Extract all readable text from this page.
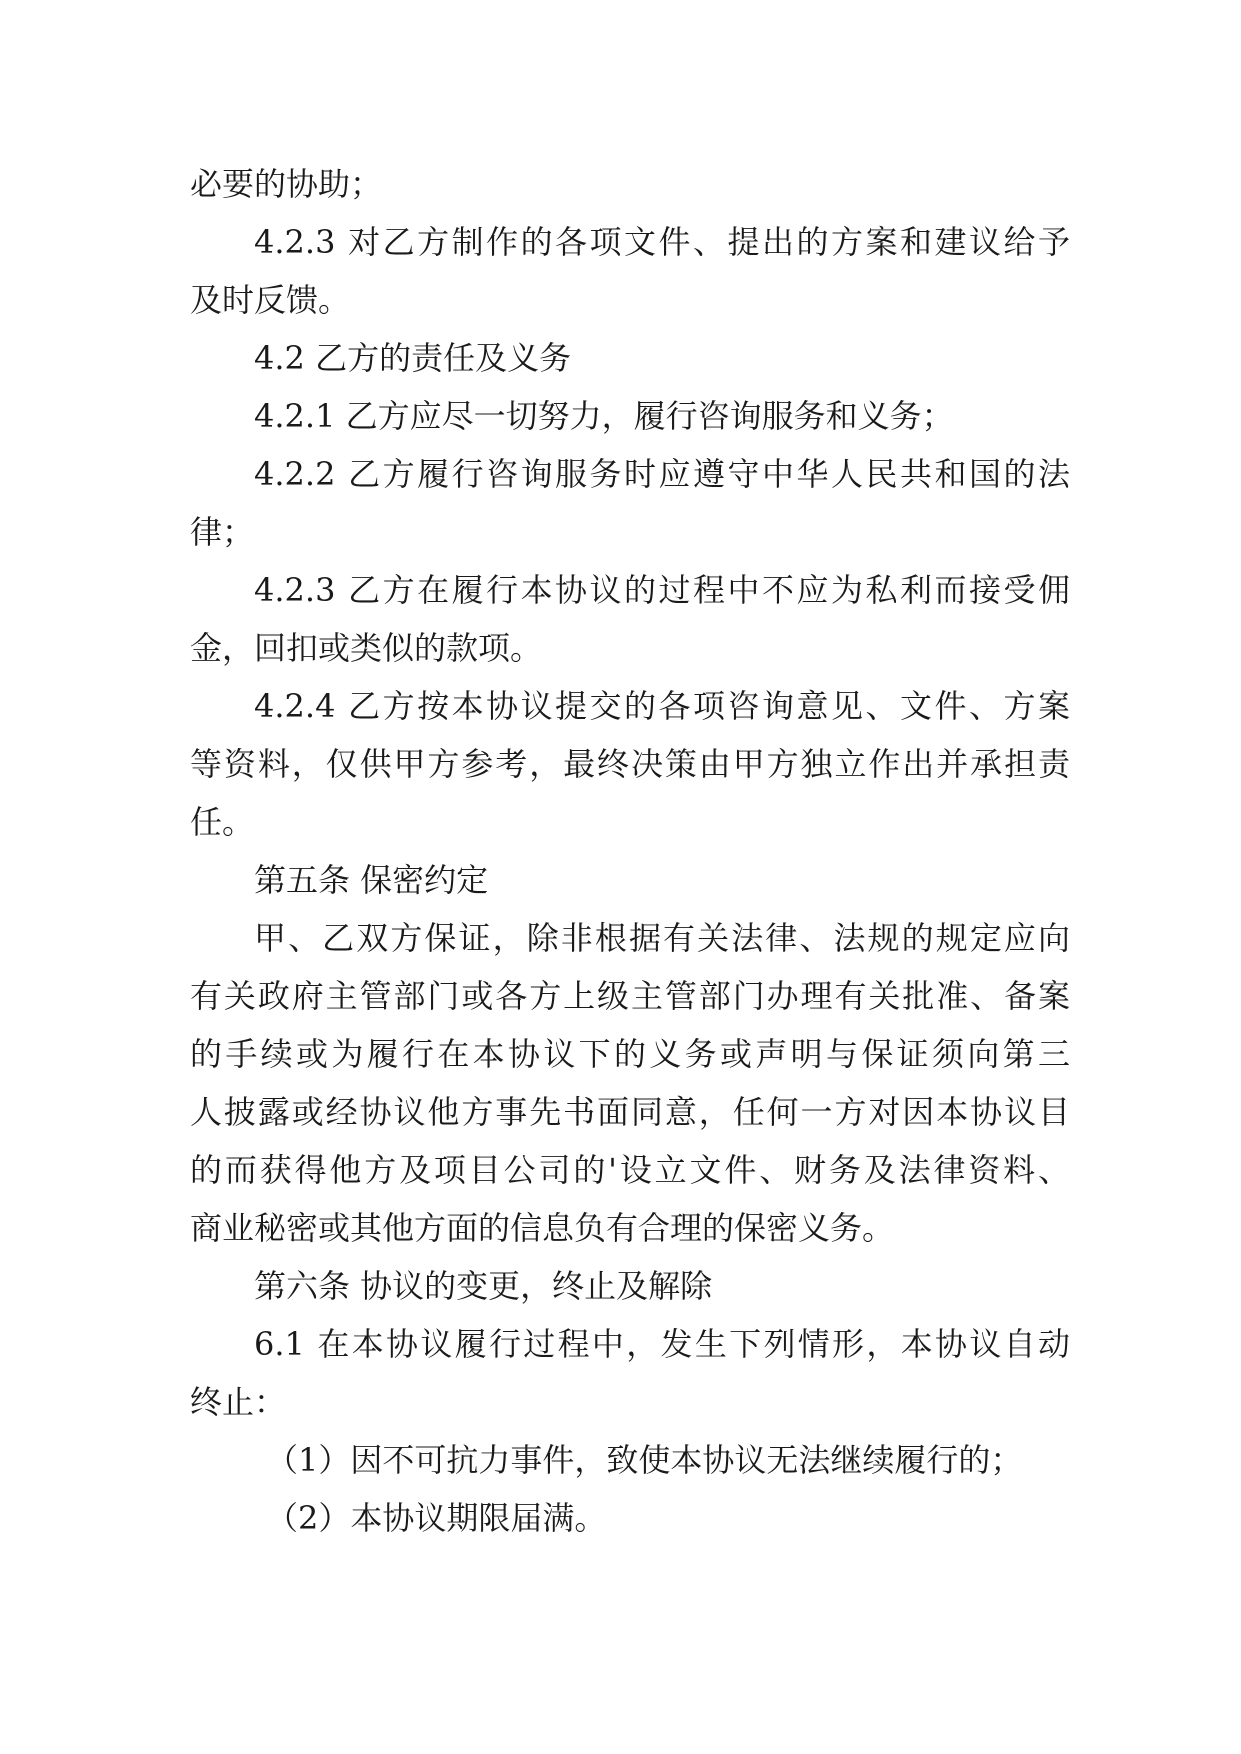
必要的协助；
4.2.3 对乙方制作的各项文件、提出的方案和建议给予
及时反馈。
4.2 乙方的责任及义务
4.2.1 乙方应尽一切努力，履行咨询服务和义务；
4.2.2 乙方履行咨询服务时应遵守中华人民共和国的法
律；
4.2.3 乙方在履行本协议的过程中不应为私利而接受佣
金，回扣或类似的款项。
4.2.4 乙方按本协议提交的各项咨询意见、文件、方案
等资料，仅供甲方参考，最终决策由甲方独立作出并承担责
任。
第五条 保密约定
甲、乙双方保证，除非根据有关法律、法规的规定应向
有关政府主管部门或各方上级主管部门办理有关批准、备案
的手续或为履行在本协议下的义务或声明与保证须向第三
人披露或经协议他方事先书面同意，任何一方对因本协议目
的而获得他方及项目公司的'设立文件、财务及法律资料、
商业秘密或其他方面的信息负有合理的保密义务。
第六条 协议的变更，终止及解除
6.1 在本协议履行过程中，发生下列情形，本协议自动
终止：
（1）因不可抗力事件，致使本协议无法继续履行的；
（2）本协议期限届满。
